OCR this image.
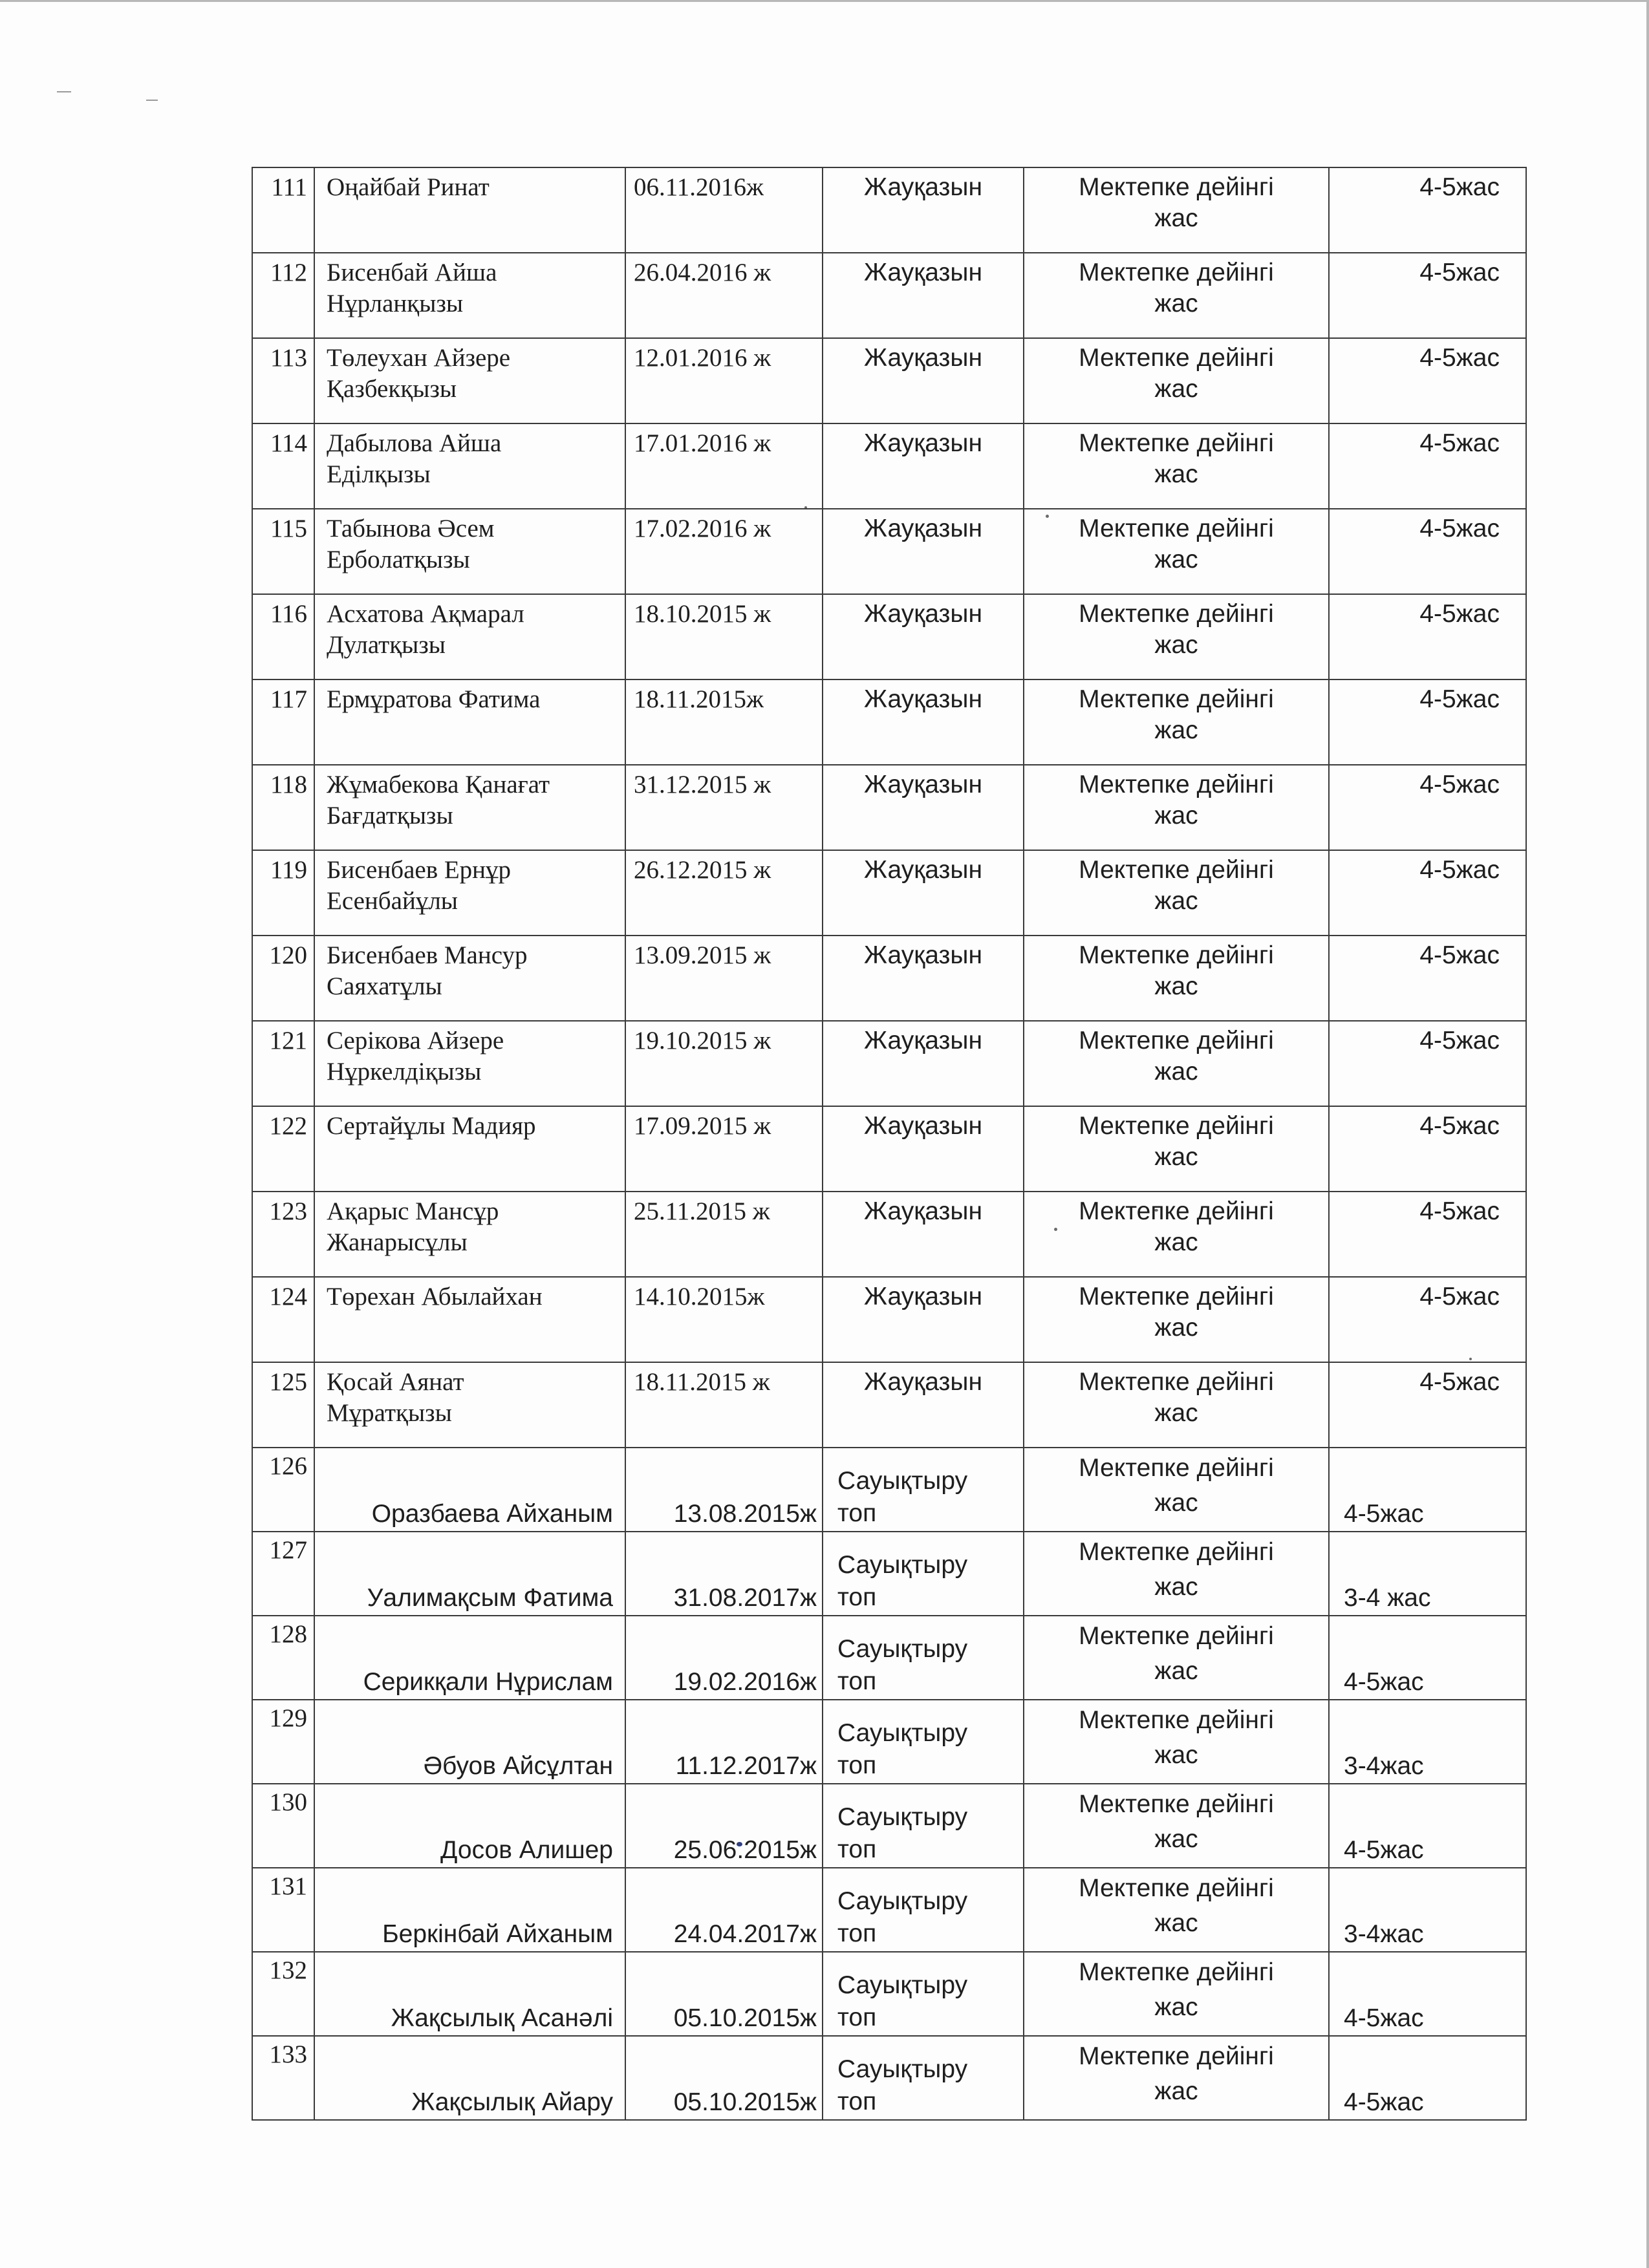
111	Оңайбай Ринат	06.11.2016ж	Жауқазын	Мектепке дейінгі
жас	4-5жас

112	Бисенбай Айша
Нұрланқызы	26.04.2016 ж	Жауқазын	Мектепке дейінгі
жас	4-5жас

113	Төлеухан Айзере
Қазбекқызы	12.01.2016 ж	Жауқазын	Мектепке дейінгі
жас	4-5жас

114	Дабылова Айша
Еділқызы	17.01.2016 ж	Жауқазын	Мектепке дейінгі
жас	4-5жас

115	Табынова Әсем
Ерболатқызы	17.02.2016 ж	Жауқазын	Мектепке дейінгі
жас	4-5жас

116	Асхатова Ақмарал
Дулатқызы	18.10.2015 ж	Жауқазын	Мектепке дейінгі
жас	4-5жас

117	Ермұратова Фатима	18.11.2015ж	Жауқазын	Мектепке дейінгі
жас	4-5жас

118	Жұмабекова Қанағат
Бағдатқызы	31.12.2015 ж	Жауқазын	Мектепке дейінгі
жас	4-5жас

119	Бисенбаев Ернұр
Есенбайұлы	26.12.2015 ж	Жауқазын	Мектепке дейінгі
жас	4-5жас

120	Бисенбаев Мансур
Саяхатұлы	13.09.2015 ж	Жауқазын	Мектепке дейінгі
жас	4-5жас

121	Серікова Айзере
Нұркелдіқызы	19.10.2015 ж	Жауқазын	Мектепке дейінгі
жас	4-5жас

122	Сертайұлы Мадияр	17.09.2015 ж	Жауқазын	Мектепке дейінгі
жас	4-5жас

123	Ақарыс Мансұр
Жанарысұлы	25.11.2015 ж	Жауқазын	Мектепке дейінгі
жас	4-5жас

124	Төрехан Абылайхан	14.10.2015ж	Жауқазын	Мектепке дейінгі
жас	4-5жас

125	Қосай Аянат
Мұратқызы	18.11.2015 ж	Жауқазын	Мектепке дейінгі
жас	4-5жас

126	Оразбаева Айханым	13.08.2015ж	Сауықтыру
топ	Мектепке дейінгі
жас	4-5жас

127	Уалимақсым Фатима	31.08.2017ж	Сауықтыру
топ	Мектепке дейінгі
жас	3-4 жас

128	Серикқали Нұрислам	19.02.2016ж	Сауықтыру
топ	Мектепке дейінгі
жас	4-5жас

129	Әбуов Айсұлтан	11.12.2017ж	Сауықтыру
топ	Мектепке дейінгі
жас	3-4жас

130	Досов Алишер	25.06.2015ж	Сауықтыру
топ	Мектепке дейінгі
жас	4-5жас

131	Беркінбай Айханым	24.04.2017ж	Сауықтыру
топ	Мектепке дейінгі
жас	3-4жас

132	Жақсылық Асанәлі	05.10.2015ж	Сауықтыру
топ	Мектепке дейінгі
жас	4-5жас

133	Жақсылық Айару	05.10.2015ж	Сауықтыру
топ	Мектепке дейінгі
жас	4-5жас
